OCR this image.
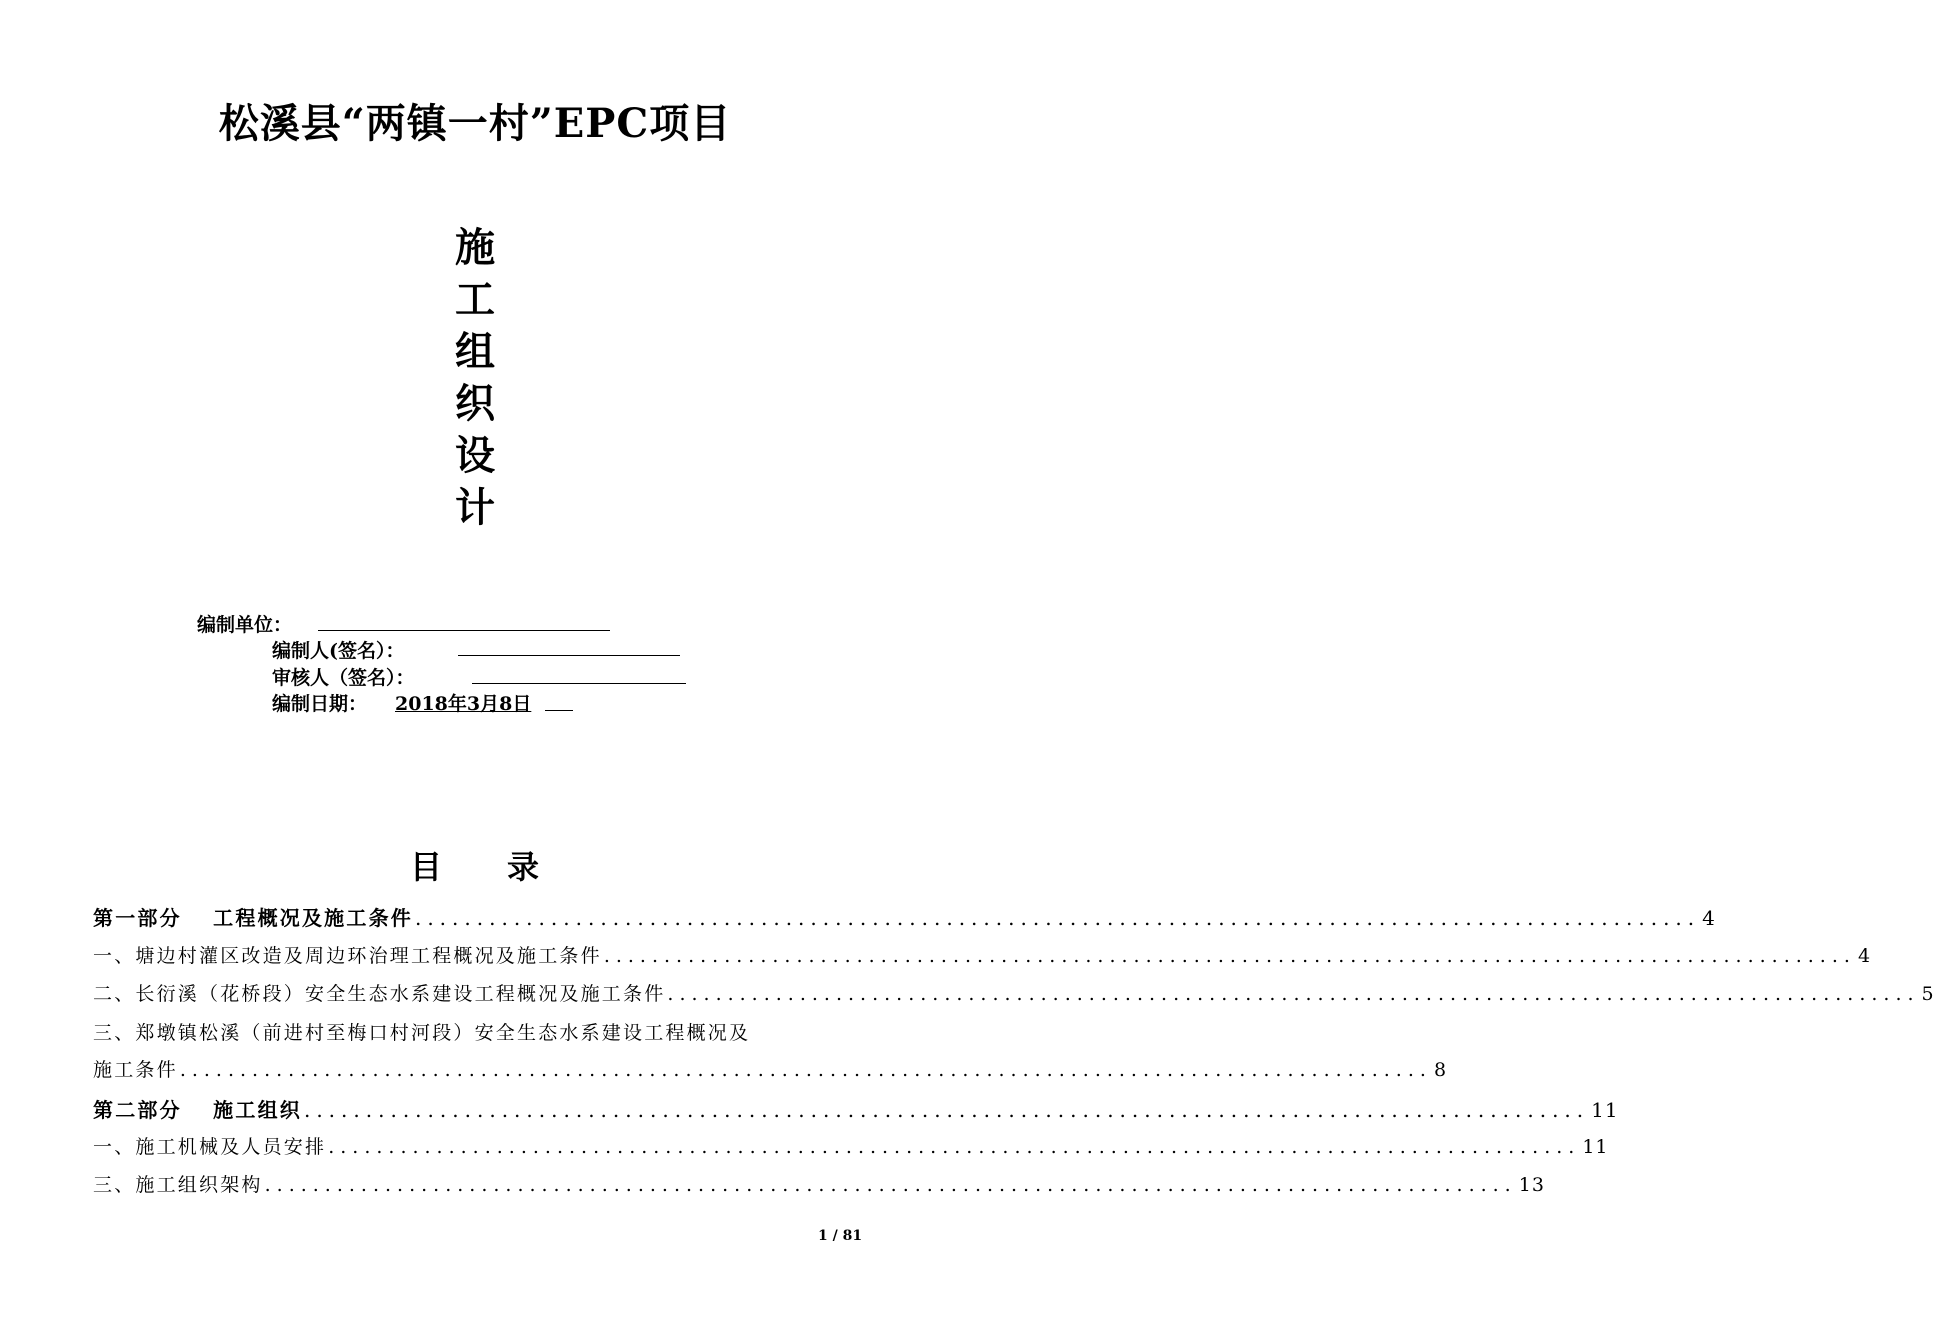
松溪县“两镇一村”EPC项目
施
工
组
织
设
计
编制单位：
编制人(签名）：
审核人（签名）：
编制日期： 2018年3月8日
目 录
第一部分　 工程概况及施工条件 ........................................................................................................ 4
一、塘边村灌区改造及周边环治理工程概况及施工条件 ........................................................................................................ 4
二、长衍溪（花桥段）安全生态水系建设工程概况及施工条件 ........................................................................................................ 5
三、郑墩镇松溪（前进村至梅口村河段）安全生态水系建设工程概况及
施工条件 ........................................................................................................ 8
第二部分　 施工组织 ........................................................................................................ 11
一、施工机械及人员安排 ........................................................................................................ 11
三、施工组织架构 ........................................................................................................ 13
1 / 81
